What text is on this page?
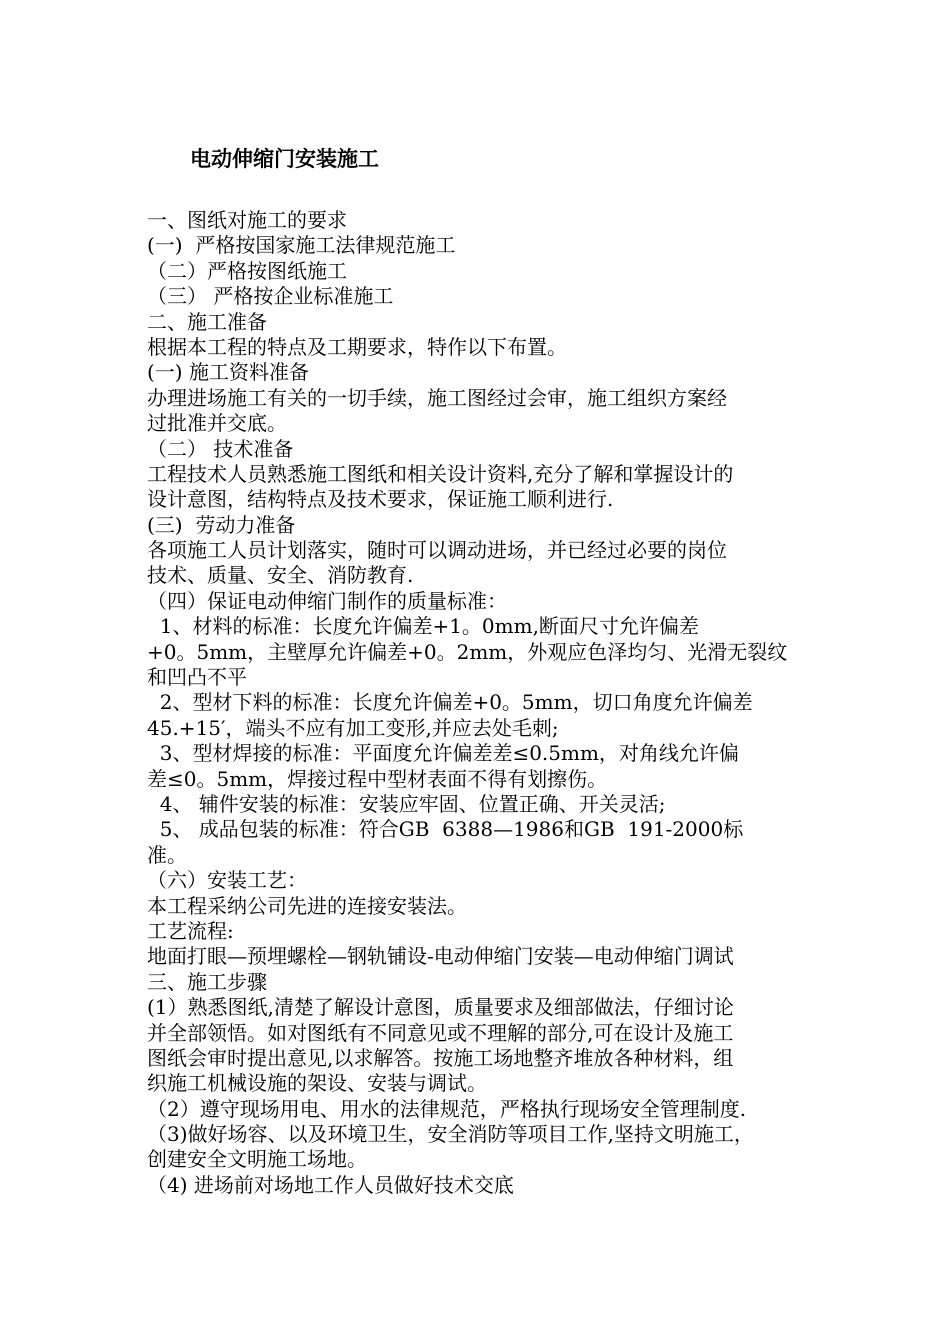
电动伸缩门安装施工
一、图纸对施工的要求
(一)  严格按国家施工法律规范施工
（二）严格按图纸施工
（三） 严格按企业标准施工
二、施工准备
根据本工程的特点及工期要求，特作以下布置。
(一) 施工资料准备
办理进场施工有关的一切手续，施工图经过会审，施工组织方案经
过批准并交底。
（二） 技术准备
工程技术人员熟悉施工图纸和相关设计资料,充分了解和掌握设计的
设计意图，结构特点及技术要求，保证施工顺利进行.
(三)  劳动力准备
各项施工人员计划落实，随时可以调动进场，并已经过必要的岗位
技术、质量、安全、消防教育.
（四）保证电动伸缩门制作的质量标准：
1、材料的标准：长度允许偏差+1。0mm,断面尺寸允许偏差
+0。5mm，主壁厚允许偏差+0。2mm，外观应色泽均匀、光滑无裂纹
和凹凸不平
2、型材下料的标准：长度允许偏差+0。5mm，切口角度允许偏差
45.+15′，端头不应有加工变形,并应去处毛刺;
3、型材焊接的标准：平面度允许偏差差≤0.5mm，对角线允许偏
差≤0。5mm，焊接过程中型材表面不得有划擦伤。
4、 辅件安装的标准：安装应牢固、位置正确、开关灵活;
5、 成品包装的标准：符合GB  6388—1986和GB  191-2000标
准。
（六）安装工艺：
本工程采纳公司先进的连接安装法。
工艺流程:
地面打眼—预埋螺栓—钢轨铺设-电动伸缩门安装—电动伸缩门调试
三、施工步骤
(1）熟悉图纸,清楚了解设计意图，质量要求及细部做法，仔细讨论
并全部领悟。如对图纸有不同意见或不理解的部分,可在设计及施工
图纸会审时提出意见,以求解答。按施工场地整齐堆放各种材料，组
织施工机械设施的架设、安装与调试。
（2）遵守现场用电、用水的法律规范，严格执行现场安全管理制度.
（3)做好场容、以及环境卫生，安全消防等项目工作,坚持文明施工，
创建安全文明施工场地。
（4) 进场前对场地工作人员做好技术交底
